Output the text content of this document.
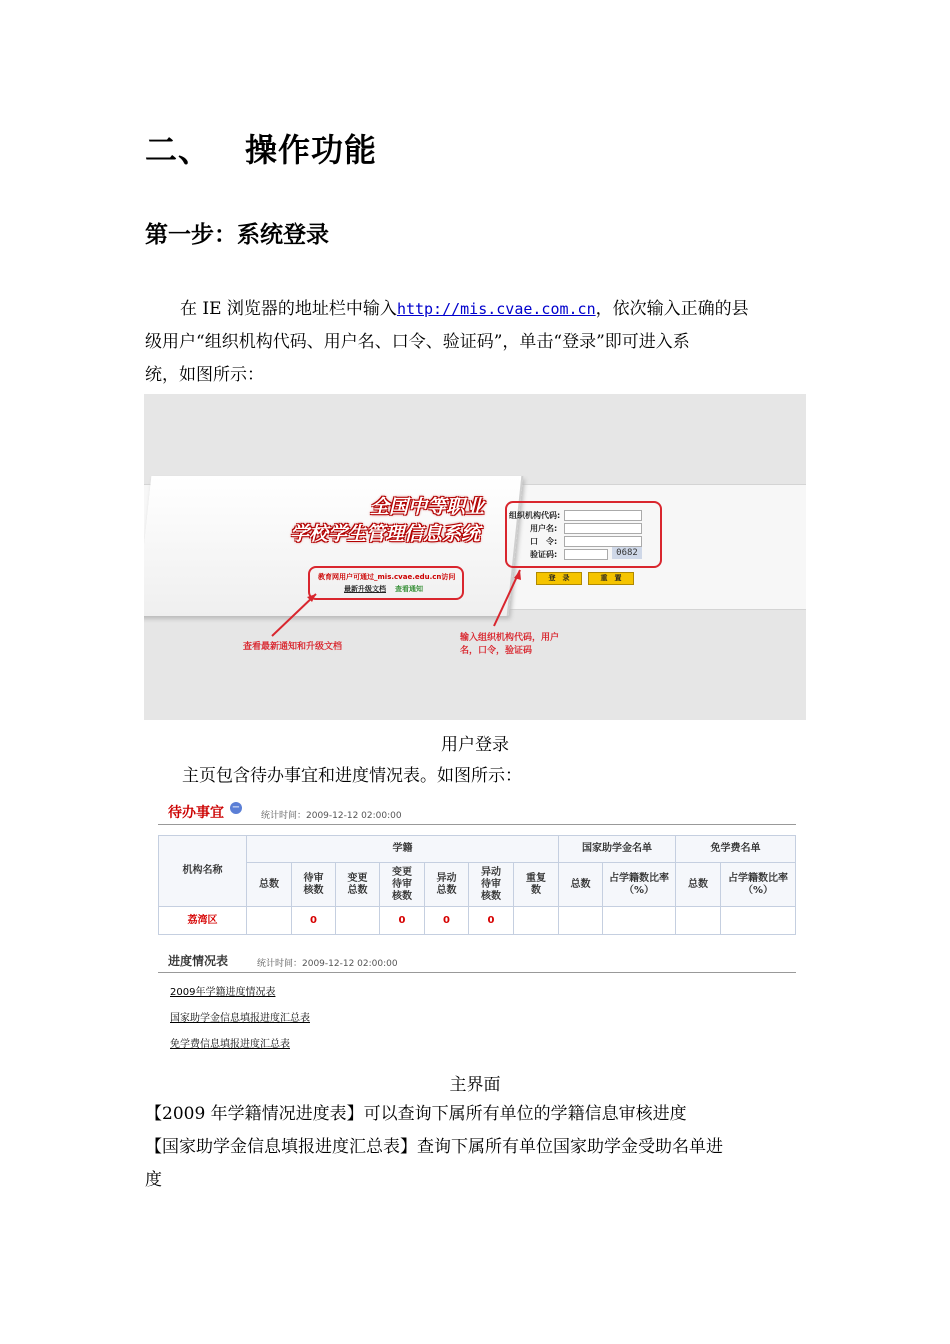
二、 操作功能
第一步：系统登录
在 IE 浏览器的地址栏中输入http://mis.cvae.com.cn，依次输入正确的县
级用户“组织机构代码、用户名、口令、验证码”，单击“登录”即可进入系
统，如图所示：
全国中等职业
学校学生管理信息系统
教育网用户可通过_mis.cvae.edu.cn访问
最新升级文档 查看通知
组织机构代码:
用户名:
口　令:
验证码:	0682
登　录	重　置
查看最新通知和升级文档
输入组织机构代码，用户
名，口令，验证码
用户登录
主页包含待办事宜和进度情况表。如图所示：
待办事宜 −
统计时间：2009-12-12 02:00:00
机构名称	学籍							国家助学金名单		免学费名单	
	总数	待审核数	变更总数	变更待审核数	异动总数	异动待审核数	重复数	总数	占学籍数比率（%）	总数	占学籍数比率（%）
荔湾区		0		0	0	0					
进度情况表	统计时间：2009-12-12 02:00:00
2009年学籍进度情况表
国家助学金信息填报进度汇总表
免学费信息填报进度汇总表
主界面
【2009 年学籍情况进度表】可以查询下属所有单位的学籍信息审核进度
【国家助学金信息填报进度汇总表】查询下属所有单位国家助学金受助名单进
度
